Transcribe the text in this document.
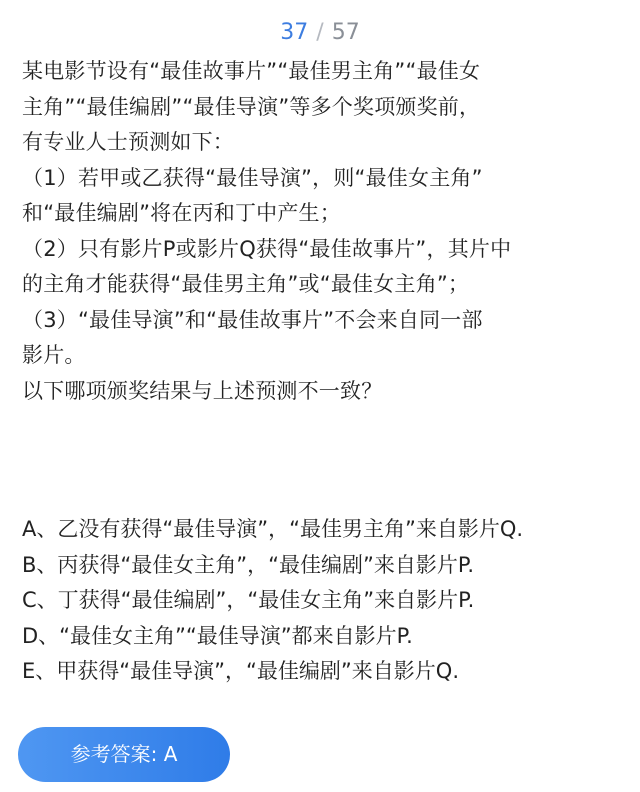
37 / 57
某电影节设有“最佳故事片”“最佳男主角”“最佳女
主角”“最佳编剧”“最佳导演”等多个奖项颁奖前，
有专业人士预测如下：
（1）若甲或乙获得“最佳导演”，则“最佳女主角”
和“最佳编剧”将在丙和丁中产生；
（2）只有影片P或影片Q获得“最佳故事片”，其片中
的主角才能获得“最佳男主角”或“最佳女主角”；
（3）“最佳导演”和“最佳故事片”不会来自同一部
影片。
以下哪项颁奖结果与上述预测不一致？
A、乙没有获得“最佳导演”，“最佳男主角”来自影片Q.
B、丙获得“最佳女主角”，“最佳编剧”来自影片P.
C、丁获得“最佳编剧”，“最佳女主角”来自影片P.
D、“最佳女主角”“最佳导演”都来自影片P.
E、甲获得“最佳导演”，“最佳编剧”来自影片Q.
参考答案: A
